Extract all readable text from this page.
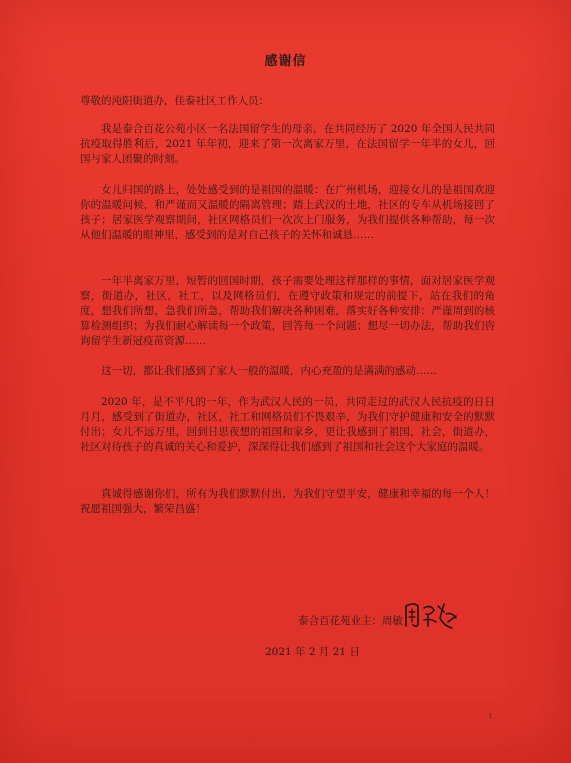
感谢信
尊敬的沌阳街道办，佳泰社区工作人员：
我是泰合百花公苑小区一名法国留学生的母亲，在共同经历了 2020 年全国人民共同抗疫取得胜利后，2021 年年初，迎来了第一次离家万里，在法国留学一年半的女儿，回国与家人团聚的时刻。
女儿归国的路上，处处感受到的是祖国的温暖：在广州机场，迎接女儿的是祖国欢迎你的温暖问候，和严谨而又温暖的隔离管理；踏上武汉的土地，社区的专车从机场接回了孩子；居家医学观察期间，社区网格员们一次次上门服务，为我们提供各种帮助，每一次从他们温暖的眼神里，感受到的是对自己孩子的关怀和诚恳……
一年半离家万里，短暂的回国时期，孩子需要处理这样那样的事情，面对居家医学观察，街道办，社区，社工，以及网格员们，在遵守政策和规定的前提下，站在我们的角度，想我们所想，急我们所急，帮助我们解决各种困难，落实好各种安排：严谨周到的核算检测组织；为我们耐心解读每一个政策，回答每一个问题；想尽一切办法，帮助我们咨询留学生新冠疫苗资源……
这一切，都让我们感到了家人一般的温暖，内心充盈的是满满的感动……
2020 年，是不平凡的一年，作为武汉人民的一员，共同走过的武汉人民抗疫的日日月月，感受到了街道办，社区，社工和网格员们不畏艰辛，为我们守护健康和安全的默默付出；女儿不远万里，回到日思夜想的祖国和家乡，更让我感到了祖国，社会，街道办，社区对待孩子的真诚的关心和爱护，深深得让我们感到了祖国和社会这个大家庭的温暖。
真诚得感谢你们，所有为我们默默付出，为我们守望平安，健康和幸福的每一个人！祝愿祖国强大，繁荣昌盛！
泰合百花苑业主：周敏
2021 年 2 月 21 日
1
